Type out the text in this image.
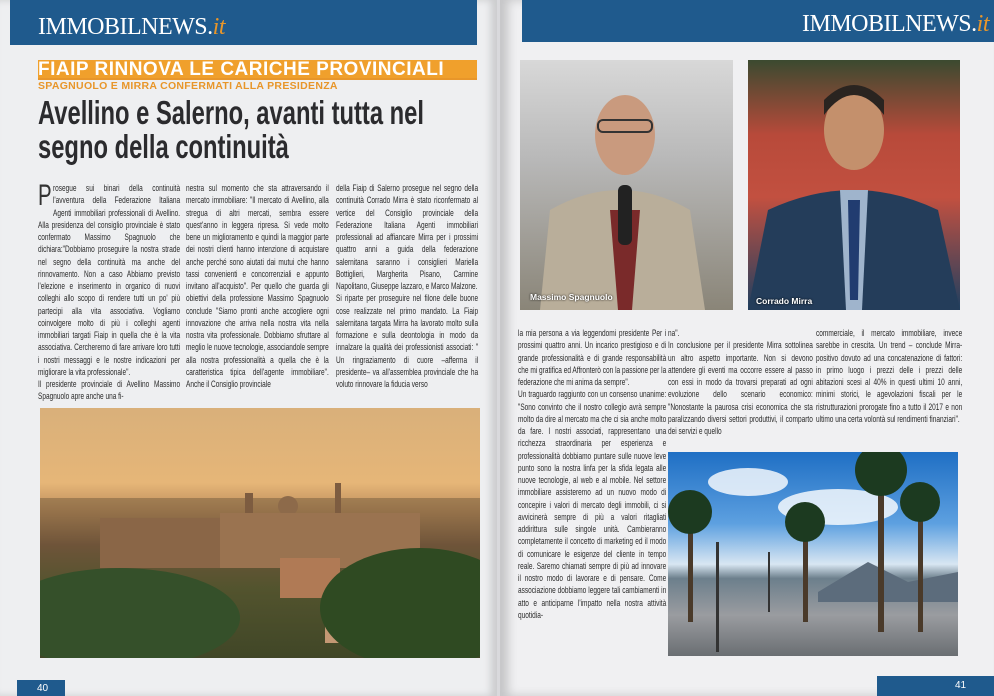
IMMOBILNEWS.it
FIAIP RINNOVA LE CARICHE PROVINCIALI
SPAGNUOLO E MIRRA CONFERMATI ALLA PRESIDENZA
Avellino e Salerno, avanti tutta nel segno della continuità

Prosegue sui binari della continuità l'avventura della Federazione Italiana Agenti immobiliari professionali di Avellino. Alla presidenza del consiglio provinciale è stato confermato Massimo Spagnuolo che dichiara:"Dobbiamo proseguire la nostra strade nel segno della continuità ma anche del rinnovamento. Non a caso Abbiamo previsto l'elezione e inserimento in organico di nuovi colleghi allo scopo di rendere tutti un po' più partecipi alla vita associativa. Vogliamo coinvolgere molto di più i colleghi agenti immobiliari targati Fiaip in quella che è la vita associativa. Cercheremo di fare arrivare loro tutti i nostri messaggi e le nostre indicazioni per migliorare la vita professionale".

Il presidente provinciale di Avellino Massimo Spagnuolo apre anche una fi-

nestra sul momento che sta attraversando il mercato immobiliare: "Il mercato di Avellino, alla stregua di altri mercati, sembra essere quest'anno in leggera ripresa. Si vede molto bene un miglioramento e quindi la maggior parte dei nostri clienti hanno intenzione di acquistare anche perché sono aiutati dai mutui che hanno tassi convenienti e concorrenziali e appunto invitano all'acquisto". Per quello che guarda gli obiettivi della professione Massimo Spagnuolo conclude "Siamo pronti anche accogliere ogni innovazione che arriva nella nostra vita nella nostra vita professionale. Dobbiamo sfruttare al meglio le nuove tecnologie, associandole sempre alla nostra professionalità a quella che è la caratteristica tipica dell'agente immobiliare". Anche il Consiglio provinciale

della Fiaip di Salerno prosegue nel segno della continuità Corrado Mirra è stato riconfermato al vertice del Consiglio provinciale della Federazione Italiana Agenti immobiliari professionali ad affiancare Mirra per i prossimi quattro anni a guida della federazione salernitana saranno i consiglieri Mariella Bottiglieri, Margherita Pisano, Carmine Napolitano, Giuseppe Iazzaro, e Marco Malzone.

Si riparte per proseguire nel filone delle buone cose realizzate nel primo mandato. La Fiaip salernitana targata Mirra ha lavorato molto sulla formazione e sulla deontologia in modo da innalzare la qualità dei professionisti associati: " Un ringraziamento di cuore –afferma il presidente– va all'assemblea provinciale che ha voluto rinnovare la fiducia verso

40
IMMOBILNEWS.it
Massimo Spagnuolo	Corrado Mirra

la mia persona a via leggendomi presidente Per i prossimi quattro anni. Un incarico prestigioso e di grande professionalità e di grande responsabilità che mi gratifica ed Affronterò con la passione per la federazione che mi anima da sempre".

Un traguardo raggiunto con un consenso unanime: "Sono convinto che il nostro collegio avrà sempre molto da dire al mercato ma che ci sia anche molto da fare. I nostri associati, rappresentano una ricchezza straordinaria per esperienza e professionalità dobbiamo puntare sulle nuove leve punto sono la nostra linfa per la sfida legata alle nuove tecnologie, al web e al mobile. Nel settore immobiliare assisteremo ad un nuovo modo di concepire i valori di mercato degli immobili, ci si avvicinerà sempre di più a valori ritagliati addirittura sulle singole unità. Cambieranno completamente il concetto di marketing ed il modo di comunicare le esigenze del cliente in tempo reale. Saremo chiamati sempre di più ad innovare il nostro modo di lavorare e di pensare. Come associazione dobbiamo leggere tali cambiamenti in atto e anticiparne l'impatto nella nostra attività quotidia-

na".

In conclusione per il presidente Mirra sottolinea un altro aspetto importante. Non si devono attendere gli eventi ma occorre essere al passo con essi in modo da trovarsi preparati ad ogni evoluzione dello scenario economico: "Nonostante la paurosa crisi economica che sta paralizzando diversi settori produttivi, il comparto dei servizi e quello

commerciale, il mercato immobiliare, invece sarebbe in crescita. Un trend – conclude Mirra- positivo dovuto ad una concatenazione di fattori: in primo luogo i prezzi delle i prezzi delle abitazioni scesi al 40% in questi ultimi 10 anni, minimi storici, le agevolazioni fiscali per le ristrutturazioni prorogate fino a tutto il 2017 e non ultimo una certa volontà sul rendimenti finanziari".

41
